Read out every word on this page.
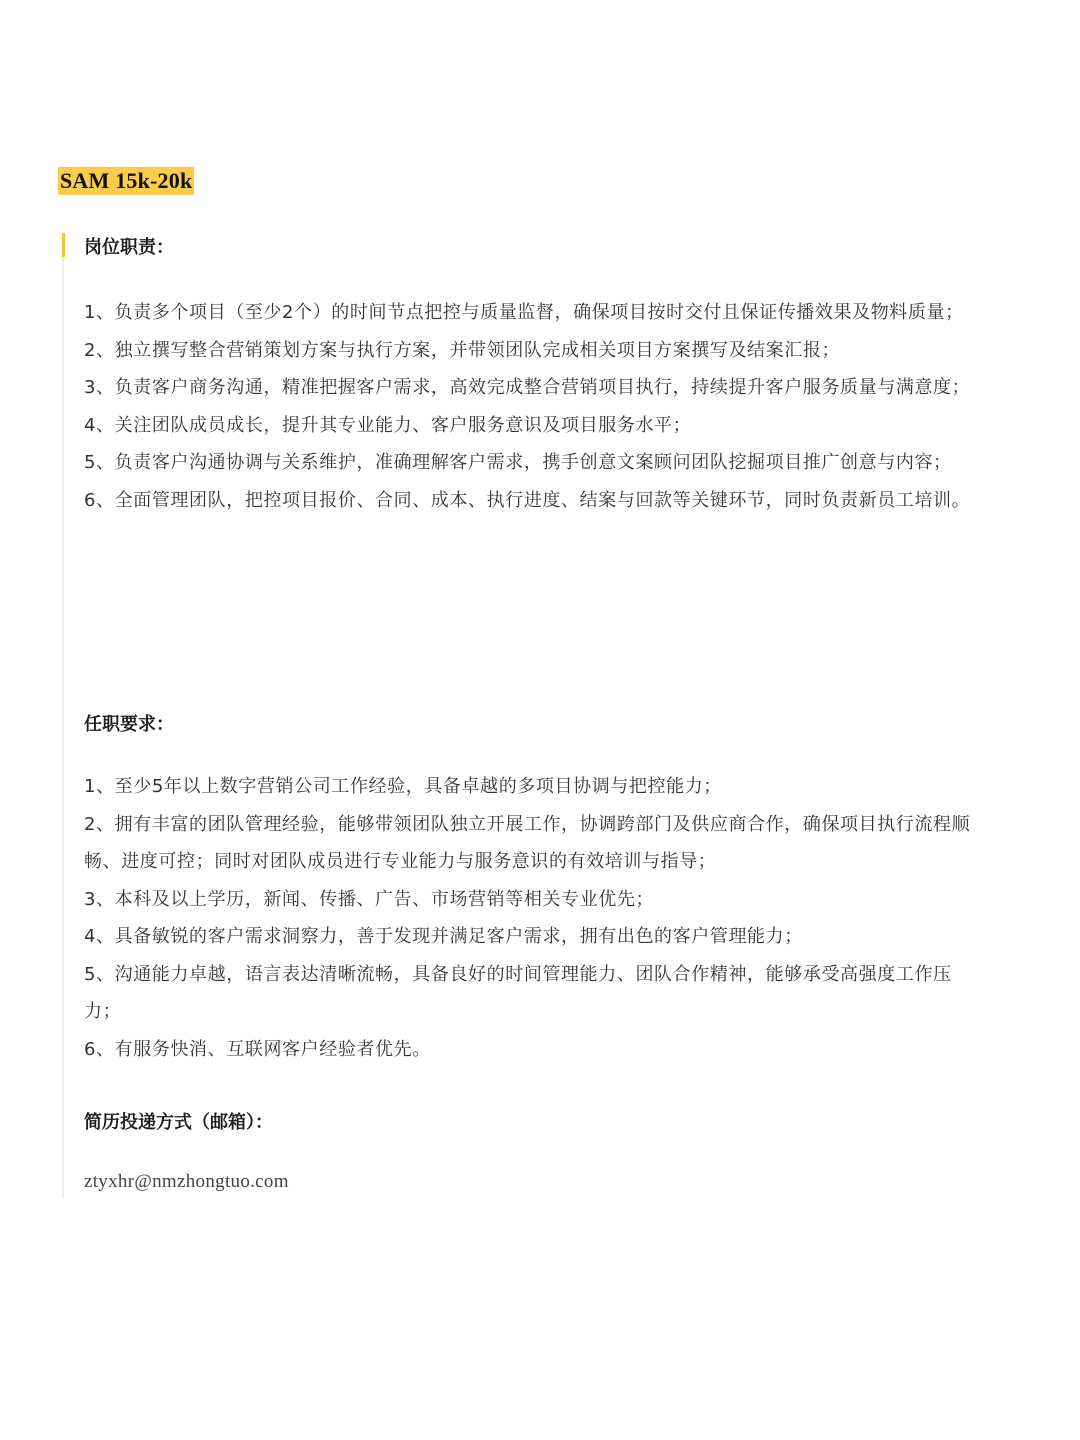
SAM 15k-20k
岗位职责：
1、负责多个项目（至少2个）的时间节点把控与质量监督，确保项目按时交付且保证传播效果及物料质量；
2、独立撰写整合营销策划方案与执行方案，并带领团队完成相关项目方案撰写及结案汇报；
3、负责客户商务沟通，精准把握客户需求，高效完成整合营销项目执行，持续提升客户服务质量与满意度；
4、关注团队成员成长，提升其专业能力、客户服务意识及项目服务水平；
5、负责客户沟通协调与关系维护，准确理解客户需求，携手创意文案顾问团队挖掘项目推广创意与内容；
6、全面管理团队，把控项目报价、合同、成本、执行进度、结案与回款等关键环节，同时负责新员工培训。
任职要求：
1、至少5年以上数字营销公司工作经验，具备卓越的多项目协调与把控能力；
2、拥有丰富的团队管理经验，能够带领团队独立开展工作，协调跨部门及供应商合作，确保项目执行流程顺畅、进度可控；同时对团队成员进行专业能力与服务意识的有效培训与指导；
3、本科及以上学历，新闻、传播、广告、市场营销等相关专业优先；
4、具备敏锐的客户需求洞察力，善于发现并满足客户需求，拥有出色的客户管理能力；
5、沟通能力卓越，语言表达清晰流畅，具备良好的时间管理能力、团队合作精神，能够承受高强度工作压力；
6、有服务快消、互联网客户经验者优先。
简历投递方式（邮箱）：
ztyxhr@nmzhongtuo.com
